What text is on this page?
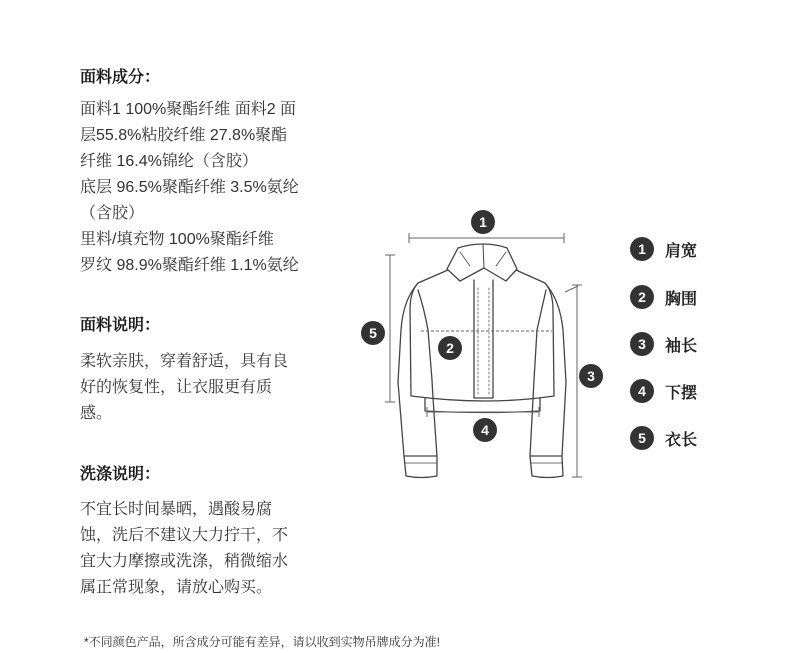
面料成分：
面料1 100%聚酯纤维 面料2 面
层55.8%粘胶纤维 27.8%聚酯
纤维 16.4%锦纶（含胶）
底层 96.5%聚酯纤维 3.5%氨纶
（含胶）
里料/填充物 100%聚酯纤维
罗纹 98.9%聚酯纤维 1.1%氨纶
面料说明：
柔软亲肤，穿着舒适，具有良
好的恢复性，让衣服更有质
感。
洗涤说明：
不宜长时间暴晒，遇酸易腐
蚀，洗后不建议大力拧干，不
宜大力摩擦或洗涤，稍微缩水
属正常现象，请放心购买。
1
2
3
4
5
1	肩宽
2	胸围
3	袖长
4	下摆
5	衣长
*不同颜色产品，所含成分可能有差异，请以收到实物吊牌成分为准!
